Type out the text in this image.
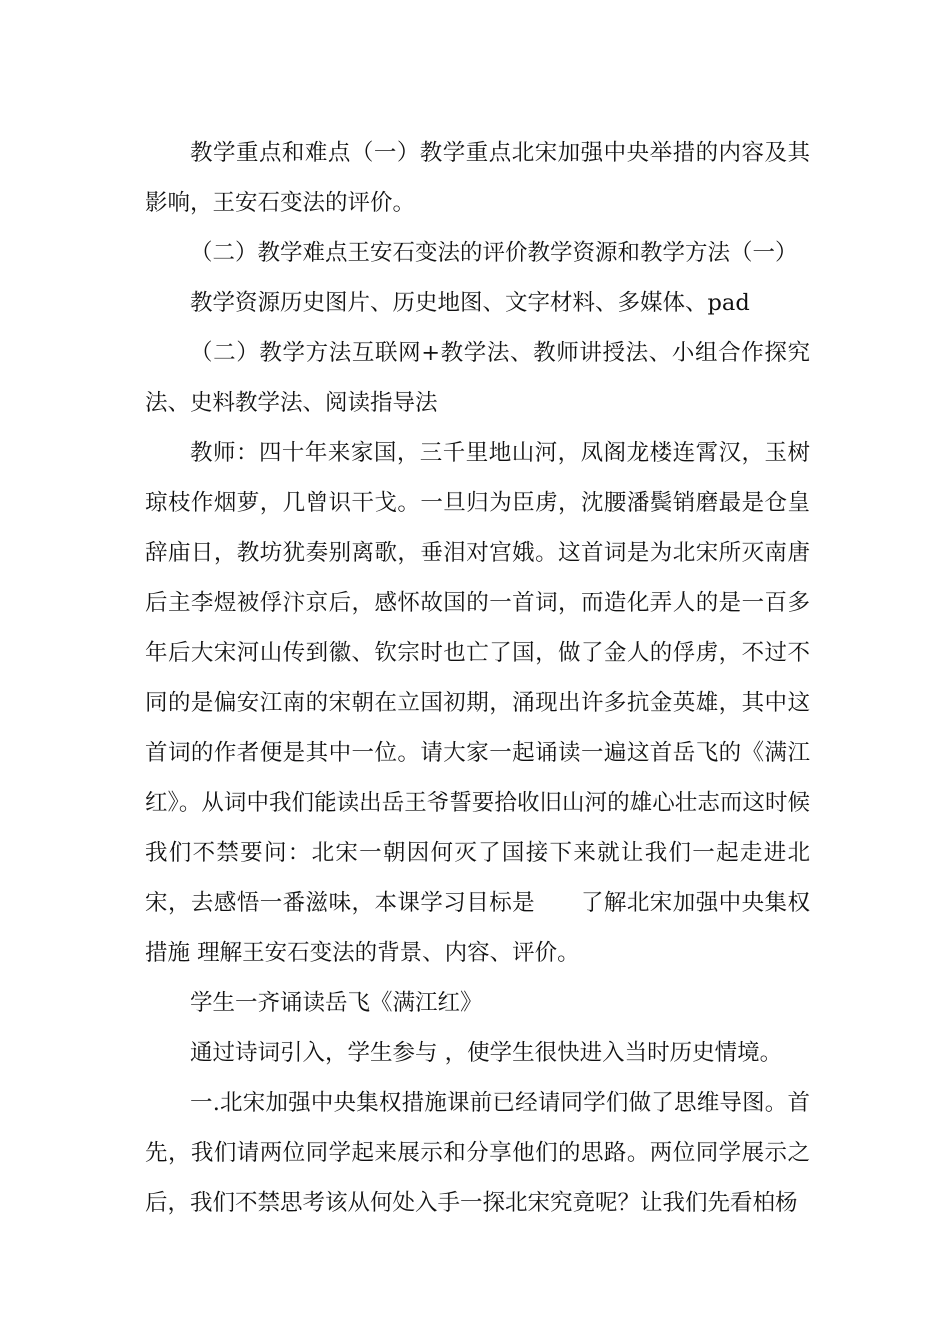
教学重点和难点（一）教学重点北宋加强中央举措的内容及其影响，王安石变法的评价。

（二）教学难点王安石变法的评价教学资源和教学方法（一）

教学资源历史图片、历史地图、文字材料、多媒体、pad

（二）教学方法互联网+教学法、教师讲授法、小组合作探究法、史料教学法、阅读指导法

教师：四十年来家国，三千里地山河，凤阁龙楼连霄汉，玉树琼枝作烟萝，几曾识干戈。一旦归为臣虏，沈腰潘鬓销磨最是仓皇辞庙日，教坊犹奏别离歌，垂泪对宫娥。这首词是为北宋所灭南唐后主李煜被俘汴京后，感怀故国的一首词，而造化弄人的是一百多年后大宋河山传到徽、钦宗时也亡了国，做了金人的俘虏，不过不同的是偏安江南的宋朝在立国初期，涌现出许多抗金英雄，其中这首词的作者便是其中一位。请大家一起诵读一遍这首岳飞的《满江红》。从词中我们能读出岳王爷誓要拾收旧山河的雄心壮志而这时候我们不禁要问：北宋一朝因何灭了国接下来就让我们一起走进北宋，去感悟一番滋味，本课学习目标是　　了解北宋加强中央集权措施 理解王安石变法的背景、内容、评价。

学生一齐诵读岳飞《满江红》

通过诗词引入，学生参与 ，使学生很快进入当时历史情境。

一.北宋加强中央集权措施课前已经请同学们做了思维导图。首先，我们请两位同学起来展示和分享他们的思路。两位同学展示之后，我们不禁思考该从何处入手一探北宋究竟呢？让我们先看柏杨
